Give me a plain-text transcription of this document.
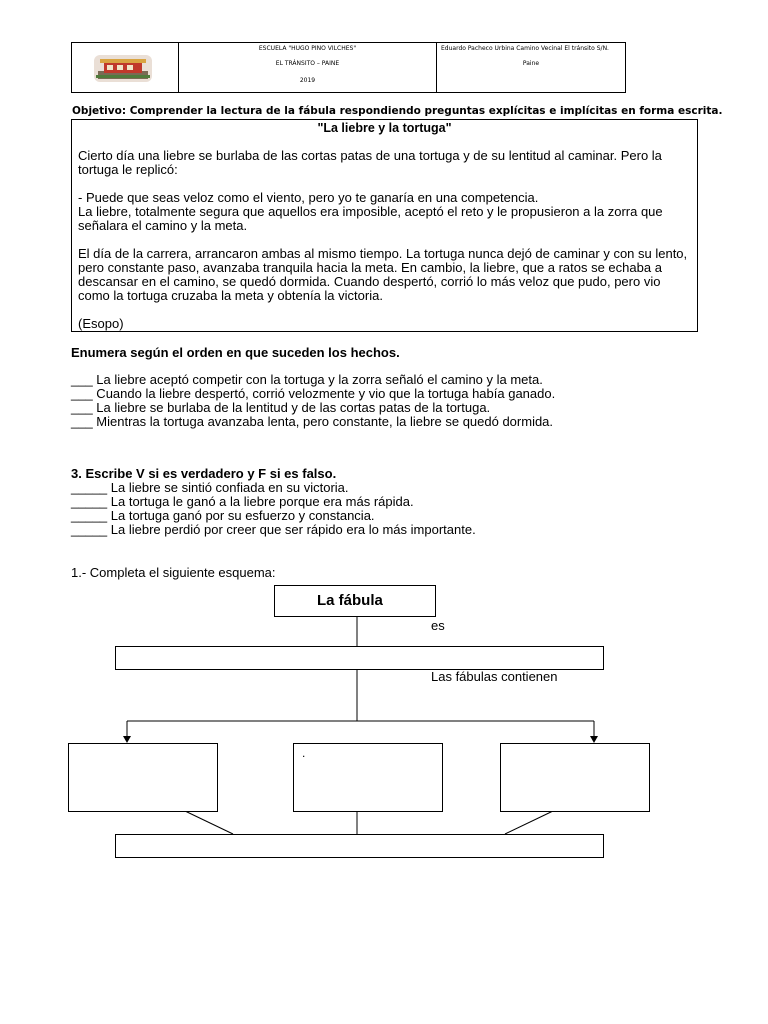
ESCUELA "HUGO PINO VILCHES"
EL TRÁNSITO – PAINE
2019
Eduardo Pacheco Urbina Camino Vecinal El tránsito S/N.
Paine
Objetivo: Comprender la lectura de la fábula respondiendo preguntas explícitas e implícitas en forma escrita.
"La liebre y la tortuga"

Cierto día una liebre se burlaba de las cortas patas de una tortuga y de su lentitud al caminar. Pero la tortuga le replicó:

- Puede que seas veloz como el viento, pero yo te ganaría en una competencia.

La liebre, totalmente segura que aquellos era imposible, aceptó el reto y le propusieron a la zorra que señalara el camino y la meta.

El día de la carrera, arrancaron ambas al mismo tiempo. La tortuga nunca dejó de caminar y con su lento, pero constante paso, avanzaba tranquila hacia la meta. En cambio, la liebre, que a ratos se echaba a descansar en el camino, se quedó dormida. Cuando despertó, corrió lo más veloz que pudo, pero vio como la tortuga cruzaba la meta y obtenía la victoria.

(Esopo)

Enumera según el orden en que suceden los hechos.
___ La liebre aceptó competir con la tortuga y la zorra señaló el camino y la meta.
___ Cuando la liebre despertó, corrió velozmente y vio que la tortuga había ganado.
___ La liebre se burlaba de la lentitud y de las cortas patas de la tortuga.
___ Mientras la tortuga avanzaba lenta, pero constante, la liebre se quedó dormida.
3. Escribe V si es verdadero y F si es falso.
_____ La liebre se sintió confiada en su victoria.
_____ La tortuga le ganó a la liebre porque era más rápida.
_____ La tortuga ganó por su esfuerzo y constancia.
_____ La liebre perdió por creer que ser rápido era lo más importante.
1.- Completa el siguiente esquema:
La fábula
es
Las fábulas contienen
.
